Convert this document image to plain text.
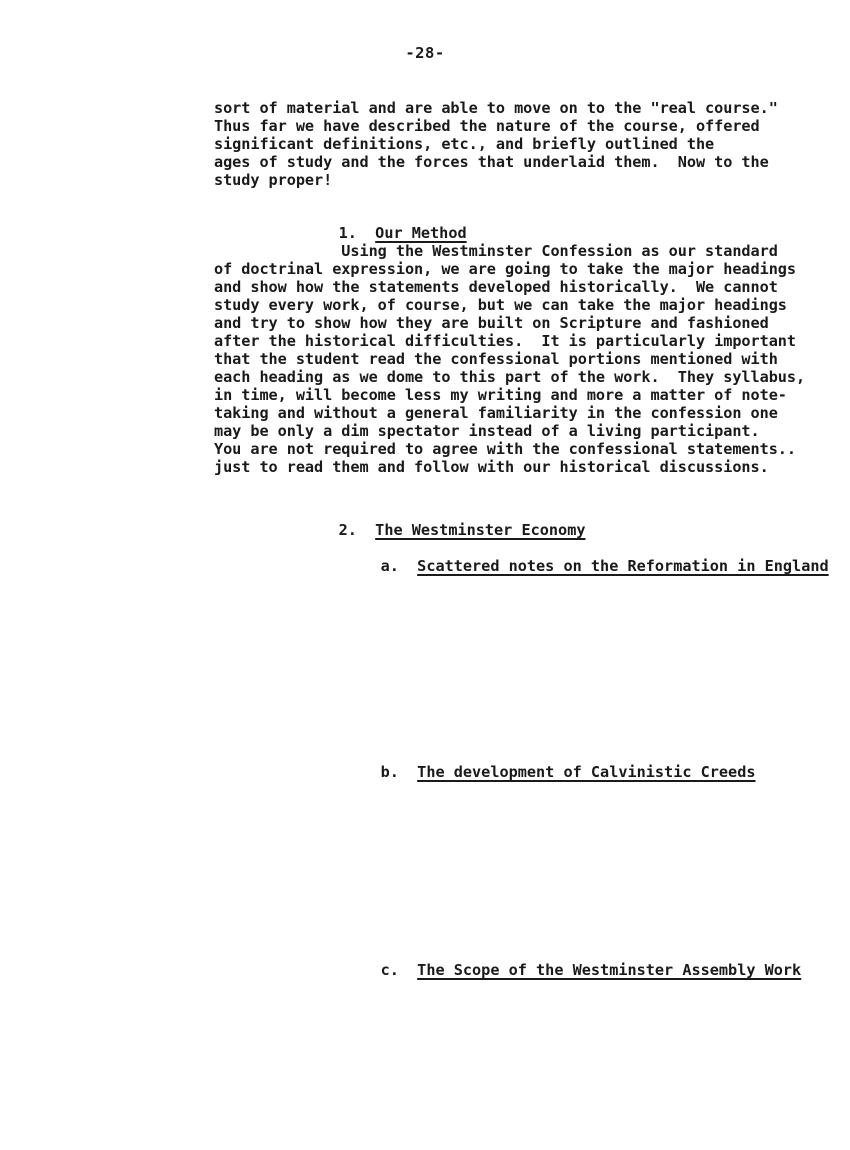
-28-
sort of material and are able to move on to the "real course."
Thus far we have described the nature of the course, offered
significant definitions, etc., and briefly outlined the
ages of study and the forces that underlaid them.  Now to the
study proper!

1. Our Method

Using the Westminster Confession as our standard
of doctrinal expression, we are going to take the major headings
and show how the statements developed historically.  We cannot
study every work, of course, but we can take the major headings
and try to show how they are built on Scripture and fashioned
after the historical difficulties.  It is particularly important
that the student read the confessional portions mentioned with
each heading as we dome to this part of the work.  They syllabus,
in time, will become less my writing and more a matter of note-
taking and without a general familiarity in the confession one
may be only a dim spectator instead of a living participant.
You are not required to agree with the confessional statements..
just to read them and follow with our historical discussions.

2. The Westminster Economy

a. Scattered notes on the Reformation in England

b. The development of Calvinistic Creeds

c. The Scope of the Westminster Assembly Work
